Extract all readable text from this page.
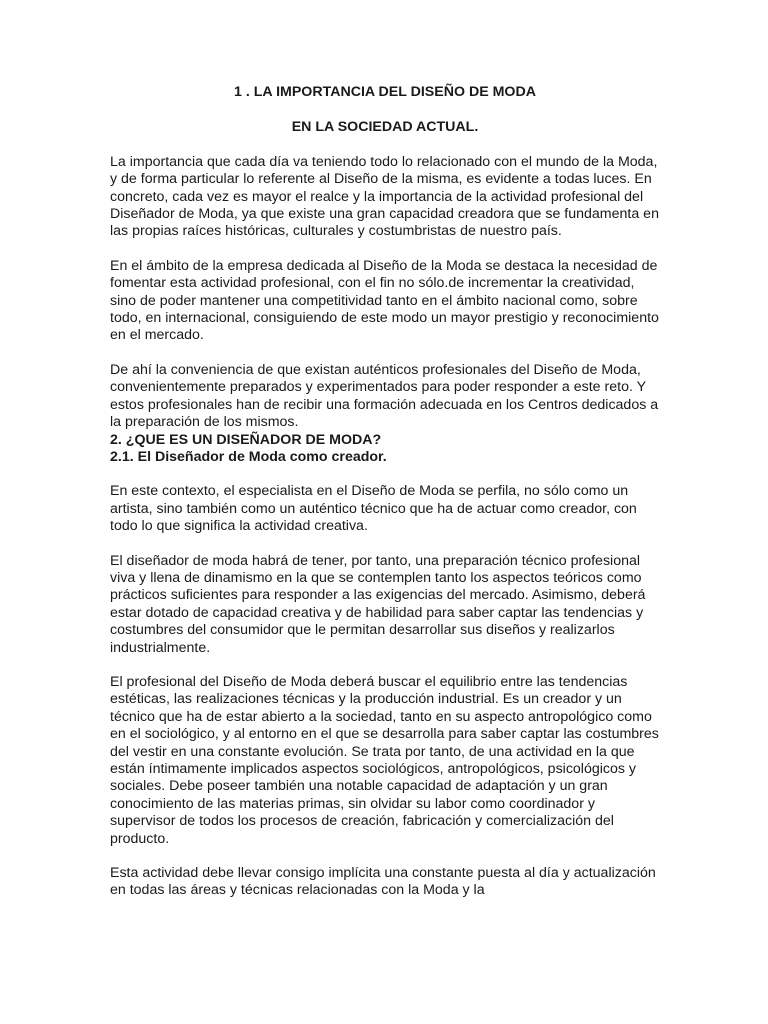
1 . LA IMPORTANCIA DEL DISEÑO DE MODA

EN LA SOCIEDAD ACTUAL.

La importancia que cada día va teniendo todo lo relacionado con el mundo de la Moda, y de forma particular lo referente al Diseño de la misma, es evidente a todas luces. En concreto, cada vez es mayor el realce y la importancia de la actividad profesional del Diseñador de Moda, ya que existe una gran capacidad creadora que se fundamenta en las propias raíces históricas, culturales y costumbristas de nuestro país.

En el ámbito de la empresa dedicada al Diseño de la Moda se destaca la necesidad de fomentar esta actividad profesional, con el fin no sólo.de incrementar la creatividad, sino de poder mantener una competitividad tanto en el ámbito nacional como, sobre todo, en internacional, consiguiendo de este modo un mayor prestigio y reconocimiento en el mercado.

De ahí la conveniencia de que existan auténticos profesionales del Diseño de Moda, convenientemente preparados y experimentados para poder responder a este reto. Y estos profesionales han de recibir una formación adecuada en los Centros dedicados a la preparación de los mismos.

2. ¿QUE ES UN DISEÑADOR DE MODA?

2.1. El Diseñador de Moda como creador.

En este contexto, el especialista en el Diseño de Moda se perfila, no sólo como un artista, sino también como un auténtico técnico que ha de actuar como creador, con todo lo que significa la actividad creativa.

El diseñador de moda habrá de tener, por tanto, una preparación técnico profesional viva y llena de dinamismo en la que se contemplen tanto los aspectos teóricos como prácticos suficientes para responder a las exigencias del mercado. Asimismo, deberá estar dotado de capacidad creativa y de habilidad para saber captar las tendencias y costumbres del consumidor que le permitan desarrollar sus diseños y realizarlos industrialmente.

El profesional del Diseño de Moda deberá buscar el equilibrio entre las tendencias estéticas, las realizaciones técnicas y la producción industrial. Es un creador y un técnico que ha de estar abierto a la sociedad, tanto en su aspecto antropológico como en el sociológico, y al entorno en el que se desarrolla para saber captar las costumbres del vestir en una constante evolución. Se trata por tanto, de una actividad en la que están íntimamente implicados aspectos sociológicos, antropológicos, psicológicos y sociales. Debe poseer también una notable capacidad de adaptación y un gran conocimiento de las materias primas, sin olvidar su labor como coordinador y supervisor de todos los procesos de creación, fabricación y comercialización del producto.

Esta actividad debe llevar consigo implícita una constante puesta al día y actualización en todas las áreas y técnicas relacionadas con la Moda y la
